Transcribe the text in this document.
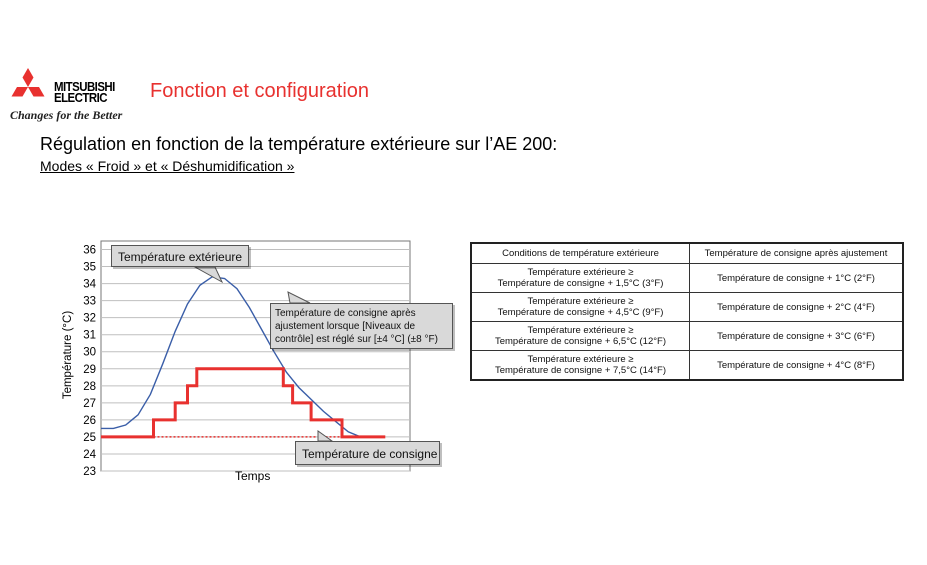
MITSUBISHI
ELECTRIC
Changes for the Better
Fonction et configuration
Régulation en fonction de la température extérieure sur l’AE 200:
Modes « Froid » et « Déshumidification »
36
35
34
33
32
31
30
29
28
27
26
25
24
23
Température (°C)
Temps
Température extérieure
Température de consigne après ajustement lorsque [Niveaux de contrôle] est réglé sur [±4 °C] (±8 °F)
Température de consigne
Conditions de température extérieure	Température de consigne après ajustement
Température extérieure ≥
Température de consigne + 1,5°C (3°F)	Température de consigne + 1°C (2°F)
Température extérieure ≥
Température de consigne + 4,5°C (9°F)	Température de consigne + 2°C (4°F)
Température extérieure ≥
Température de consigne + 6,5°C (12°F)	Température de consigne + 3°C (6°F)
Température extérieure ≥
Température de consigne + 7,5°C (14°F)	Température de consigne + 4°C (8°F)
